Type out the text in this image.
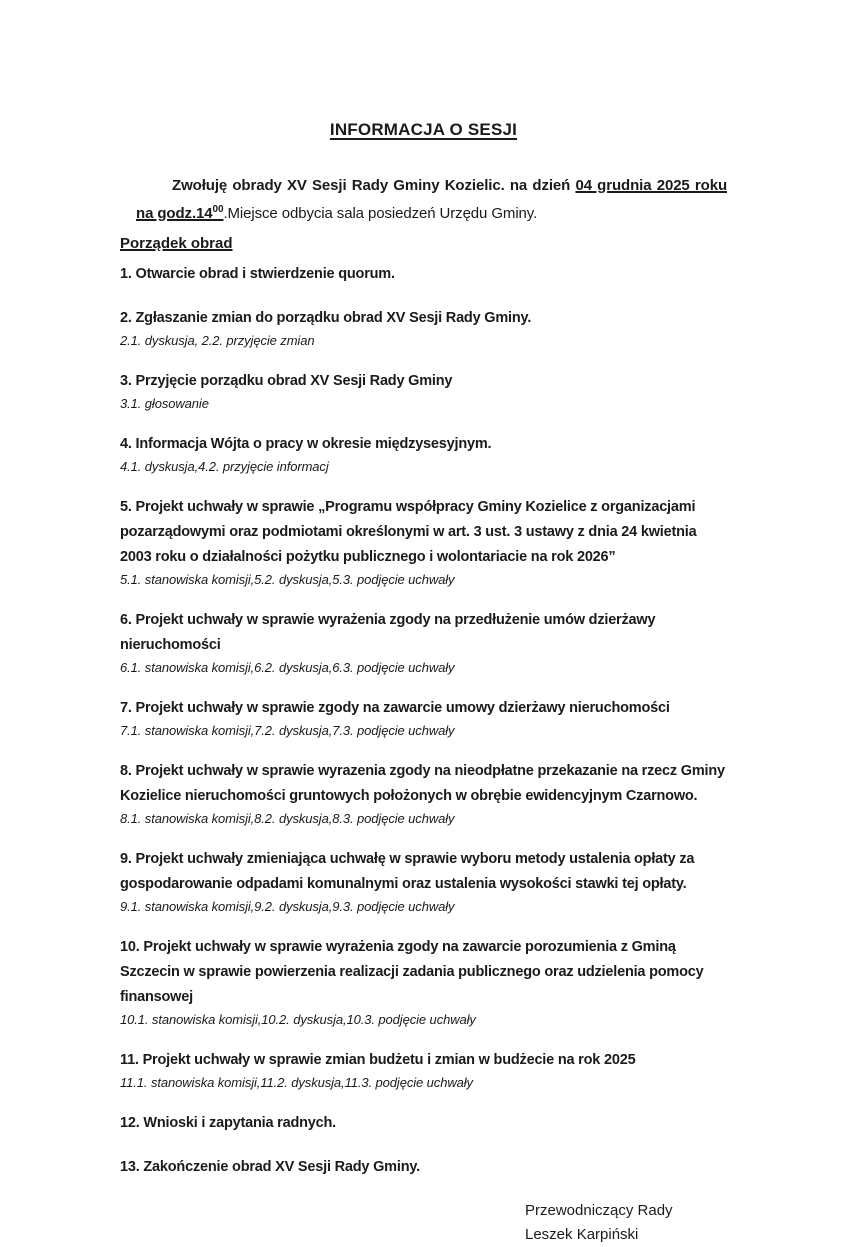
INFORMACJA O SESJI

Zwołuję obrady XV Sesji Rady Gminy Kozielic. na dzień 04 grudnia 2025 roku na $godz.14^{00}.Miejsce$ odbycia sala posiedzeń Urzędu Gminy.

Porządek obrad
1. Otwarcie obrad i stwierdzenie quorum.
2. Zgłaszanie zmian do porządku obrad XV Sesji Rady Gminy.
2.1. dyskusja, 2.2. przyjęcie zmian
3. Przyjęcie porządku obrad XV Sesji Rady Gminy
3.1. głosowanie
4. Informacja Wójta o pracy w okresie międzysesyjnym.
4.1. dyskusja,4.2. przyjęcie informacj
5. Projekt uchwały w sprawie „Programu współpracy Gminy Kozielice z organizacjami pozarządowymi oraz podmiotami określonymi w art. 3 ust. 3 ustawy z dnia 24 kwietnia 2003 roku o działalności pożytku publicznego i wolontariacie na rok 2026”
5.1. stanowiska komisji,5.2. dyskusja,5.3. podjęcie uchwały
6. Projekt uchwały w sprawie wyrażenia zgody na przedłużenie umów dzierżawy nieruchomości
6.1. stanowiska komisji,6.2. dyskusja,6.3. podjęcie uchwały
7. Projekt uchwały w sprawie zgody na zawarcie umowy dzierżawy nieruchomości
7.1. stanowiska komisji,7.2. dyskusja,7.3. podjęcie uchwały
8. Projekt uchwały w sprawie wyrazenia zgody na nieodpłatne przekazanie na rzecz Gminy Kozielice nieruchomości gruntowych położonych w obrębie ewidencyjnym Czarnowo.
8.1. stanowiska komisji,8.2. dyskusja,8.3. podjęcie uchwały
9. Projekt uchwały zmieniająca uchwałę w sprawie wyboru metody ustalenia opłaty za gospodarowanie odpadami komunalnymi oraz ustalenia wysokości stawki tej opłaty.
9.1. stanowiska komisji,9.2. dyskusja,9.3. podjęcie uchwały
10. Projekt uchwały w sprawie wyrażenia zgody na zawarcie porozumienia z Gminą Szczecin w sprawie powierzenia realizacji zadania publicznego oraz udzielenia pomocy finansowej
10.1. stanowiska komisji,10.2. dyskusja,10.3. podjęcie uchwały
11. Projekt uchwały w sprawie zmian budżetu i zmian w budżecie na rok 2025
11.1. stanowiska komisji,11.2. dyskusja,11.3. podjęcie uchwały
12. Wnioski i zapytania radnych.
13. Zakończenie obrad XV Sesji Rady Gminy.
Przewodniczący Rady
Leszek Karpiński
